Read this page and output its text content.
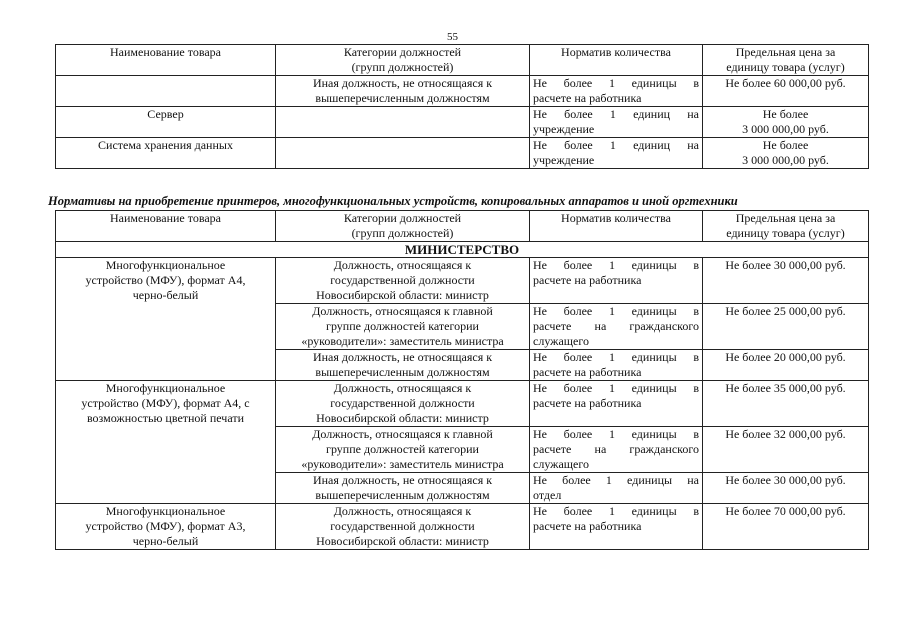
55
Наименование товара	Категории должностей
(групп должностей)	Норматив количества	Предельная цена за
единицу товара (услуг)

	Иная должность, не относящаяся к
вышеперечисленным должностям	Не более 1 единицы в
расчете на работника	Не более 60 000,00 руб.

Сервер		Не более 1 единиц на
учреждение	Не более
3 000 000,00 руб.

Система хранения данных		Не более 1 единиц на
учреждение	Не более
3 000 000,00 руб.
Нормативы на приобретение принтеров, многофункциональных устройств, копировальных аппаратов и иной оргтехники
Наименование товара	Категории должностей
(групп должностей)	Норматив количества	Предельная цена за
единицу товара (услуг)

МИНИСТЕРСТВО			

Многофункциональное
устройство (МФУ), формат А4,
черно-белый	Должность, относящаяся к
государственной должности
Новосибирской области: министр	Не более 1 единицы в
расчете на работника	Не более 30 000,00 руб.

	Должность, относящаяся к главной
группе должностей категории
«руководители»: заместитель министра	Не более 1 единицы в
расчете на гражданского
служащего	Не более 25 000,00 руб.

	Иная должность, не относящаяся к
вышеперечисленным должностям	Не более 1 единицы в
расчете на работника	Не более 20 000,00 руб.

Многофункциональное
устройство (МФУ), формат А4, с
возможностью цветной печати	Должность, относящаяся к
государственной должности
Новосибирской области: министр	Не более 1 единицы в
расчете на работника	Не более 35 000,00 руб.

	Должность, относящаяся к главной
группе должностей категории
«руководители»: заместитель министра	Не более 1 единицы в
расчете на гражданского
служащего	Не более 32 000,00 руб.

	Иная должность, не относящаяся к
вышеперечисленным должностям	Не более 1 единицы на
отдел	Не более 30 000,00 руб.

Многофункциональное
устройство (МФУ), формат А3,
черно-белый	Должность, относящаяся к
государственной должности
Новосибирской области: министр	Не более 1 единицы в
расчете на работника	Не более 70 000,00 руб.
